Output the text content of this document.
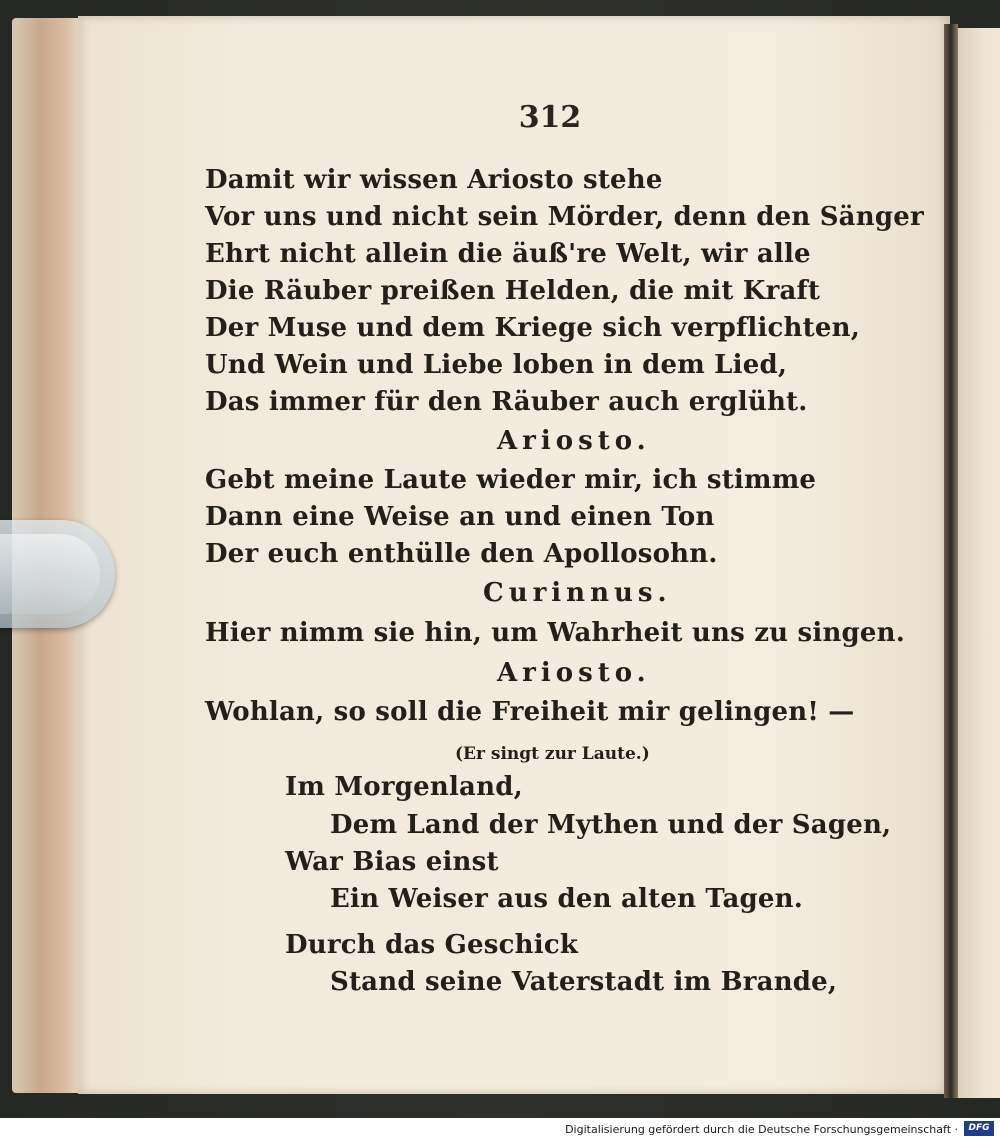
312
Damit wir wissen Ariosto stehe
Vor uns und nicht sein Mörder, denn den Sänger
Ehrt nicht allein die äuß're Welt, wir alle
Die Räuber preißen Helden, die mit Kraft
Der Muse und dem Kriege sich verpflichten,
Und Wein und Liebe loben in dem Lied,
Das immer für den Räuber auch erglüht.
Ariosto.
Gebt meine Laute wieder mir, ich stimme
Dann eine Weise an und einen Ton
Der euch enthülle den Apollosohn.
Curinnus.
Hier nimm sie hin, um Wahrheit uns zu singen.
Ariosto.
Wohlan, so soll die Freiheit mir gelingen! —
(Er singt zur Laute.)
Im Morgenland,
Dem Land der Mythen und der Sagen,
War Bias einst
Ein Weiser aus den alten Tagen.
Durch das Geschick
Stand seine Vaterstadt im Brande,
Digitalisierung gefördert durch die Deutsche Forschungsgemeinschaft ·	DFG
